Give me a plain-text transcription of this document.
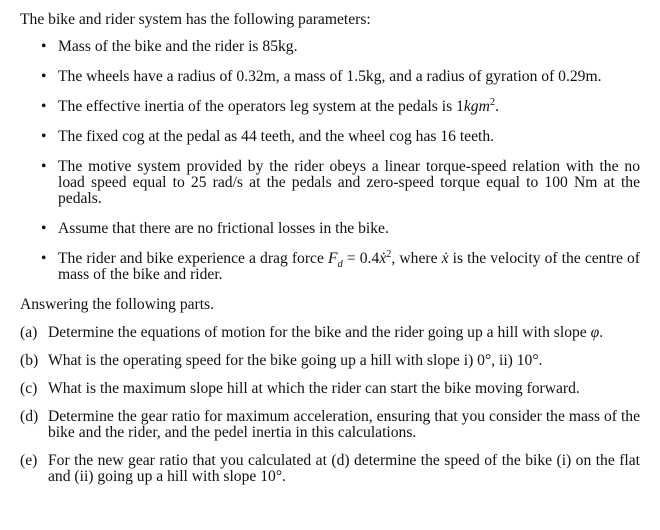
The bike and rider system has the following parameters:

• Mass of the bike and the rider is 85kg.
• The wheels have a radius of 0.32m, a mass of 1.5kg, and a radius of gyration of 0.29m.
• The effective inertia of the operators leg system at the pedals is 1kgm$^2$.
• The fixed cog at the pedal as 44 teeth, and the wheel cog has 16 teeth.
• The motive system provided by the rider obeys a linear torque-speed relation with the no load speed equal to 25 rad/s at the pedals and zero-speed torque equal to 100 Nm at the pedals.
• Assume that there are no frictional losses in the bike.
• The rider and bike experience a drag force $F_d$ = 0.4ẋ$^2$, where ẋ is the velocity of the centre of mass of the bike and rider.

Answering the following parts.

(a) Determine the equations of motion for the bike and the rider going up a hill with slope φ.
(b) What is the operating speed for the bike going up a hill with slope i) 0°, ii) 10°.
(c) What is the maximum slope hill at which the rider can start the bike moving forward.
(d) Determine the gear ratio for maximum acceleration, ensuring that you consider the mass of the bike and the rider, and the pedel inertia in this calculations.
(e) For the new gear ratio that you calculated at (d) determine the speed of the bike (i) on the flat and (ii) going up a hill with slope 10°.
